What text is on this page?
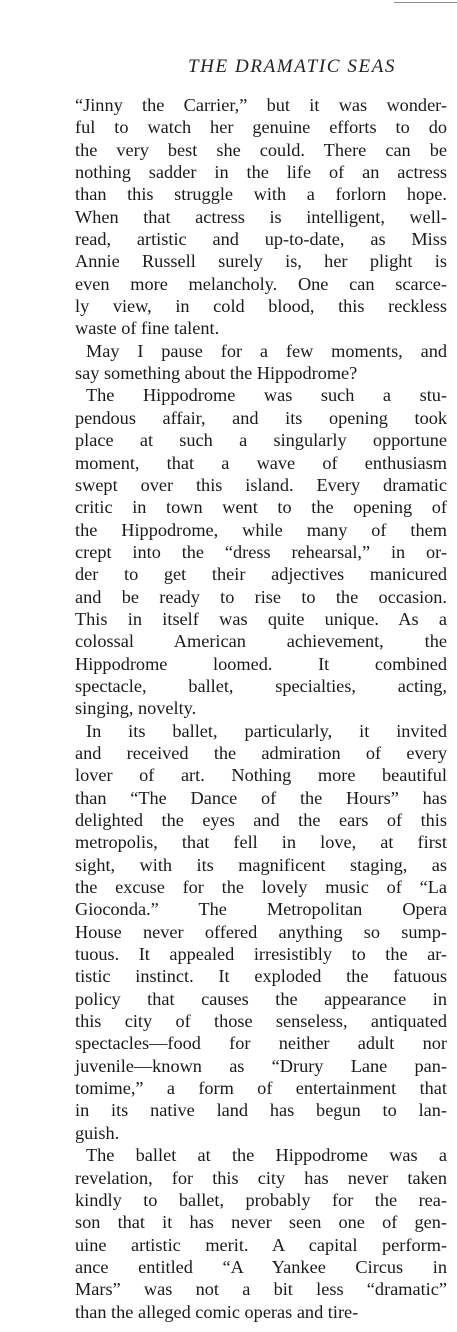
THE DRAMATIC SEAS
“Jinny the Carrier,” but it was wonder-
ful to watch her genuine efforts to do
the very best she could. There can be
nothing sadder in the life of an actress
than this struggle with a forlorn hope.
When that actress is intelligent, well-
read, artistic and up-to-date, as Miss
Annie Russell surely is, her plight is
even more melancholy. One can scarce-
ly view, in cold blood, this reckless
waste of fine talent.
May I pause for a few moments, and
say something about the Hippodrome?
The Hippodrome was such a stu-
pendous affair, and its opening took
place at such a singularly opportune
moment, that a wave of enthusiasm
swept over this island. Every dramatic
critic in town went to the opening of
the Hippodrome, while many of them
crept into the “dress rehearsal,” in or-
der to get their adjectives manicured
and be ready to rise to the occasion.
This in itself was quite unique. As a
colossal American achievement, the
Hippodrome loomed. It combined
spectacle, ballet, specialties, acting,
singing, novelty.
In its ballet, particularly, it invited
and received the admiration of every
lover of art. Nothing more beautiful
than “The Dance of the Hours” has
delighted the eyes and the ears of this
metropolis, that fell in love, at first
sight, with its magnificent staging, as
the excuse for the lovely music of “La
Gioconda.” The Metropolitan Opera
House never offered anything so sump-
tuous. It appealed irresistibly to the ar-
tistic instinct. It exploded the fatuous
policy that causes the appearance in
this city of those senseless, antiquated
spectacles—food for neither adult nor
juvenile—known as “Drury Lane pan-
tomime,” a form of entertainment that
in its native land has begun to lan-
guish.
The ballet at the Hippodrome was a
revelation, for this city has never taken
kindly to ballet, probably for the rea-
son that it has never seen one of gen-
uine artistic merit. A capital perform-
ance entitled “A Yankee Circus in
Mars” was not a bit less “dramatic”
than the alleged comic operas and tire-
